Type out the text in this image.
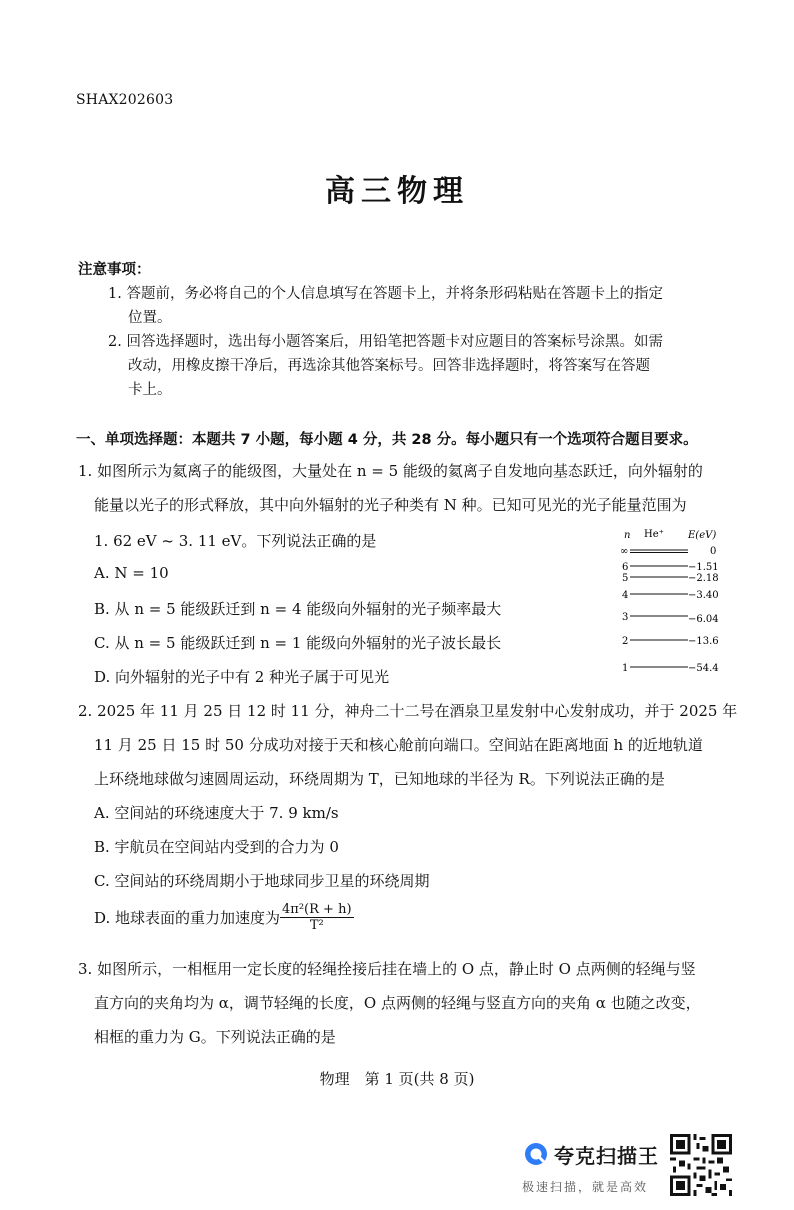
SHAX202603
高三物理
注意事项：
1. 答题前，务必将自己的个人信息填写在答题卡上，并将条形码粘贴在答题卡上的指定
位置。
2. 回答选择题时，选出每小题答案后，用铅笔把答题卡对应题目的答案标号涂黑。如需
改动，用橡皮擦干净后，再选涂其他答案标号。回答非选择题时，将答案写在答题
卡上。
一、单项选择题：本题共 7 小题，每小题 4 分，共 28 分。每小题只有一个选项符合题目要求。
1. 如图所示为氦离子的能级图，大量处在 n = 5 能级的氦离子自发地向基态跃迁，向外辐射的
能量以光子的形式释放，其中向外辐射的光子种类有 N 种。已知可见光的光子能量范围为
1. 62 eV ~ 3. 11 eV。下列说法正确的是
A. N = 10
B. 从 n = 5 能级跃迁到 n = 4 能级向外辐射的光子频率最大
C. 从 n = 5 能级跃迁到 n = 1 能级向外辐射的光子波长最长
D. 向外辐射的光子中有 2 种光子属于可见光
n He⁺ E(eV)
∞	0
6	−1.51
5	−2.18
4	−3.40
3	−6.04
2	−13.6
1	−54.4
2. 2025 年 11 月 25 日 12 时 11 分，神舟二十二号在酒泉卫星发射中心发射成功，并于 2025 年
11 月 25 日 15 时 50 分成功对接于天和核心舱前向端口。空间站在距离地面 h 的近地轨道
上环绕地球做匀速圆周运动，环绕周期为 T，已知地球的半径为 R。下列说法正确的是
A. 空间站的环绕速度大于 7. 9 km/s
B. 宇航员在空间站内受到的合力为 0
C. 空间站的环绕周期小于地球同步卫星的环绕周期
D. 地球表面的重力加速度为 $\frac{\text{4π²(R + h)}}{\text{T²}}$
3. 如图所示，一相框用一定长度的轻绳拴接后挂在墙上的 O 点，静止时 O 点两侧的轻绳与竖
直方向的夹角均为 α，调节轻绳的长度，O 点两侧的轻绳与竖直方向的夹角 α 也随之改变，
相框的重力为 G。下列说法正确的是
物理　第 1 页(共 8 页)
夸克扫描王
极速扫描，就是高效
